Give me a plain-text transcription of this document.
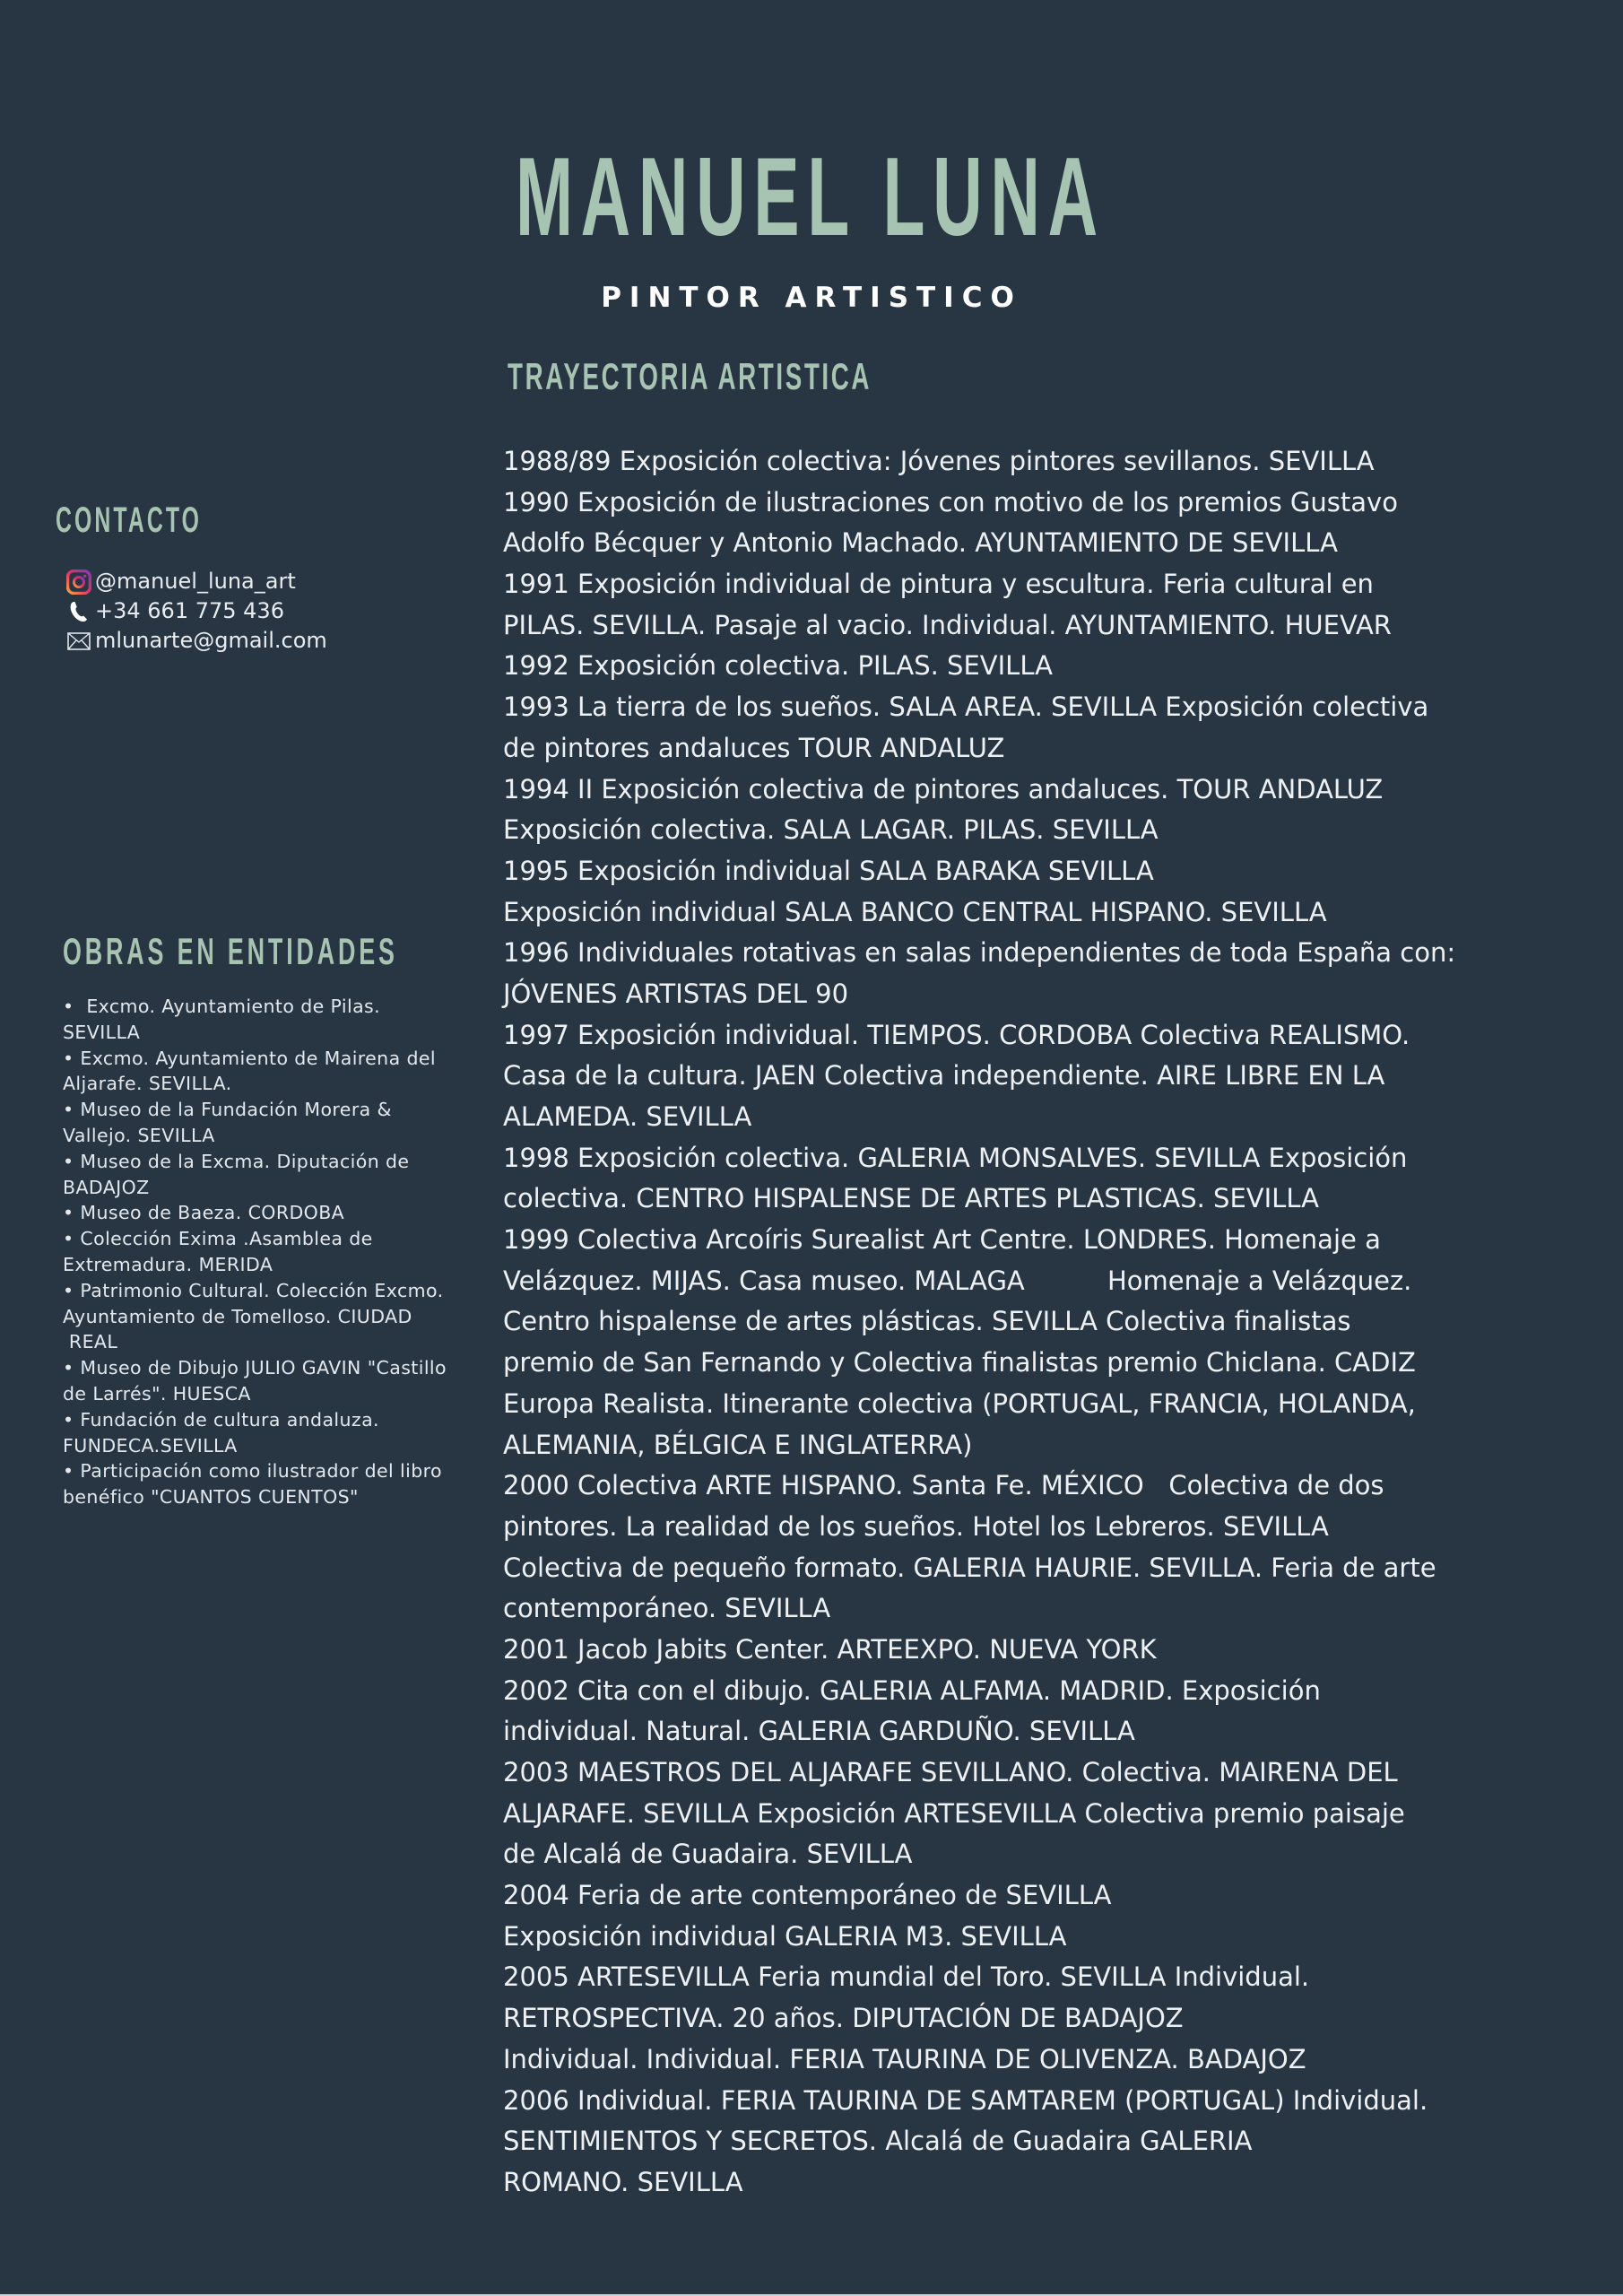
MANUEL LUNA
PINTOR ARTISTICO
TRAYECTORIA ARTISTICA
CONTACTO
@manuel_luna_art
+34 661 775 436
mlunarte@gmail.com
OBRAS EN ENTIDADES

•  Excmo. Ayuntamiento de Pilas.
SEVILLA

• Excmo. Ayuntamiento de Mairena del
Aljarafe. SEVILLA.

• Museo de la Fundación Morera &
Vallejo. SEVILLA

• Museo de la Excma. Diputación de
BADAJOZ

• Museo de Baeza. CORDOBA

• Colección Exima .Asamblea de
Extremadura. MERIDA

• Patrimonio Cultural. Colección Excmo.
Ayuntamiento de Tomelloso. CIUDAD
REAL

• Museo de Dibujo JULIO GAVIN "Castillo
de Larrés". HUESCA

• Fundación de cultura andaluza.
FUNDECA.SEVILLA

• Participación como ilustrador del libro
benéfico "CUANTOS CUENTOS"

1988/89 Exposición colectiva: Jóvenes pintores sevillanos. SEVILLA
1990 Exposición de ilustraciones con motivo de los premios Gustavo
Adolfo Bécquer y Antonio Machado. AYUNTAMIENTO DE SEVILLA
1991 Exposición individual de pintura y escultura. Feria cultural en
PILAS. SEVILLA. Pasaje al vacio. Individual. AYUNTAMIENTO. HUEVAR
1992 Exposición colectiva. PILAS. SEVILLA
1993 La tierra de los sueños. SALA AREA. SEVILLA Exposición colectiva
de pintores andaluces TOUR ANDALUZ
1994 II Exposición colectiva de pintores andaluces. TOUR ANDALUZ
Exposición colectiva. SALA LAGAR. PILAS. SEVILLA
1995 Exposición individual SALA BARAKA SEVILLA
Exposición individual SALA BANCO CENTRAL HISPANO. SEVILLA
1996 Individuales rotativas en salas independientes de toda España con:
JÓVENES ARTISTAS DEL 90
1997 Exposición individual. TIEMPOS. CORDOBA Colectiva REALISMO.
Casa de la cultura. JAEN Colectiva independiente. AIRE LIBRE EN LA
ALAMEDA. SEVILLA
1998 Exposición colectiva. GALERIA MONSALVES. SEVILLA Exposición
colectiva. CENTRO HISPALENSE DE ARTES PLASTICAS. SEVILLA
1999 Colectiva Arcoíris Surealist Art Centre. LONDRES. Homenaje a
Velázquez. MIJAS. Casa museo. MALAGA          Homenaje a Velázquez.
Centro hispalense de artes plásticas. SEVILLA Colectiva finalistas
premio de San Fernando y Colectiva finalistas premio Chiclana. CADIZ
Europa Realista. Itinerante colectiva (PORTUGAL, FRANCIA, HOLANDA,
ALEMANIA, BÉLGICA E INGLATERRA)
2000 Colectiva ARTE HISPANO. Santa Fe. MÉXICO   Colectiva de dos
pintores. La realidad de los sueños. Hotel los Lebreros. SEVILLA
Colectiva de pequeño formato. GALERIA HAURIE. SEVILLA. Feria de arte
contemporáneo. SEVILLA
2001 Jacob Jabits Center. ARTEEXPO. NUEVA YORK
2002 Cita con el dibujo. GALERIA ALFAMA. MADRID. Exposición
individual. Natural. GALERIA GARDUÑO. SEVILLA
2003 MAESTROS DEL ALJARAFE SEVILLANO. Colectiva. MAIRENA DEL
ALJARAFE. SEVILLA Exposición ARTESEVILLA Colectiva premio paisaje
de Alcalá de Guadaira. SEVILLA
2004 Feria de arte contemporáneo de SEVILLA
Exposición individual GALERIA M3. SEVILLA
2005 ARTESEVILLA Feria mundial del Toro. SEVILLA Individual.
RETROSPECTIVA. 20 años. DIPUTACIÓN DE BADAJOZ
Individual. Individual. FERIA TAURINA DE OLIVENZA. BADAJOZ
2006 Individual. FERIA TAURINA DE SAMTAREM (PORTUGAL) Individual.
SENTIMIENTOS Y SECRETOS. Alcalá de Guadaira GALERIA
ROMANO. SEVILLA
